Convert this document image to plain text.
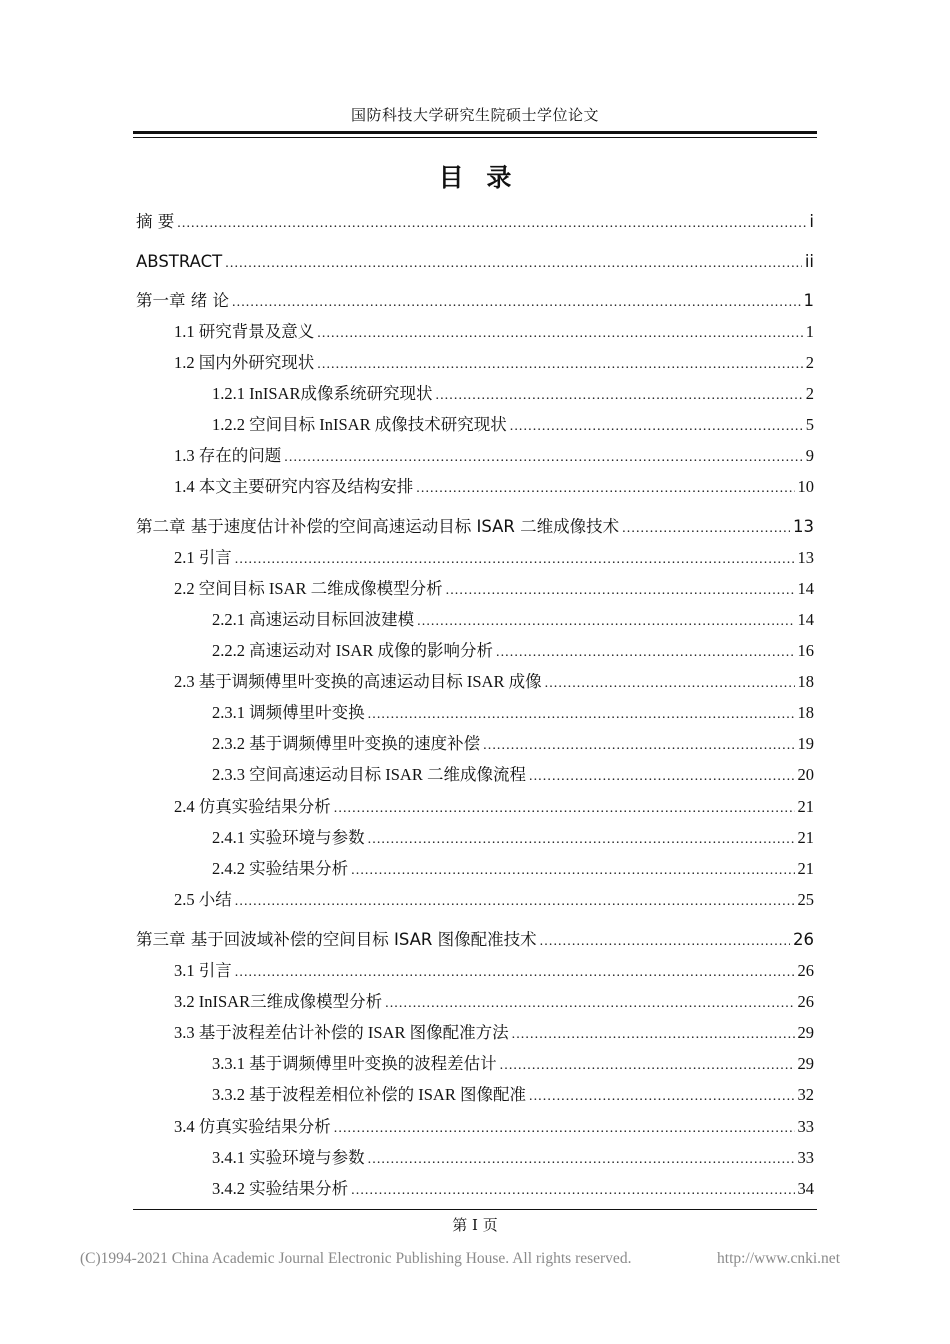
国防科技大学研究生院硕士学位论文
目 录
摘 要 .....	i
ABSTRACT .....	ii
第一章 绪 论 .....	1
1.1 研究背景及意义 .....	1
1.2 国内外研究现状 .....	2
1.2.1 InISAR成像系统研究现状 .....	2
1.2.2 空间目标 InISAR 成像技术研究现状 .....	5
1.3 存在的问题 .....	9
1.4 本文主要研究内容及结构安排 .....	10
第二章 基于速度估计补偿的空间高速运动目标 ISAR 二维成像技术 .....	13
2.1 引言 .....	13
2.2 空间目标 ISAR 二维成像模型分析 .....	14
2.2.1 高速运动目标回波建模 .....	14
2.2.2 高速运动对 ISAR 成像的影响分析 .....	16
2.3 基于调频傅里叶变换的高速运动目标 ISAR 成像 .....	18
2.3.1 调频傅里叶变换 .....	18
2.3.2 基于调频傅里叶变换的速度补偿 .....	19
2.3.3 空间高速运动目标 ISAR 二维成像流程 .....	20
2.4 仿真实验结果分析 .....	21
2.4.1 实验环境与参数 .....	21
2.4.2 实验结果分析 .....	21
2.5 小结 .....	25
第三章 基于回波域补偿的空间目标 ISAR 图像配准技术 .....	26
3.1 引言 .....	26
3.2 InISAR三维成像模型分析 .....	26
3.3 基于波程差估计补偿的 ISAR 图像配准方法 .....	29
3.3.1 基于调频傅里叶变换的波程差估计 .....	29
3.3.2 基于波程差相位补偿的 ISAR 图像配准 .....	32
3.4 仿真实验结果分析 .....	33
3.4.1 实验环境与参数 .....	33
3.4.2 实验结果分析 .....	34
第 I 页
(C)1994-2021 China Academic Journal Electronic Publishing House. All rights reserved.	http://www.cnki.net
